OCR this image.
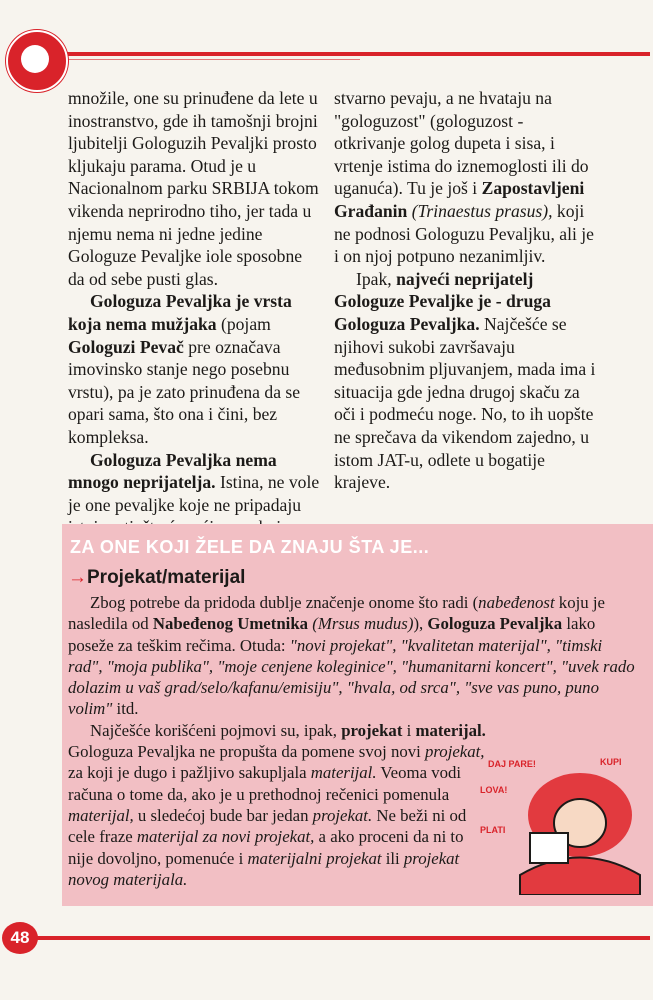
množile, one su prinuđene da lete u inostranstvo, gde ih tamošnji brojni ljubitelji Gologuzih Pevaljki prosto kljukaju parama. Otud je u Nacionalnom parku SRBIJA tokom vikenda neprirodno tiho, jer tada u njemu nema ni jedne jedine Gologuze Pevaljke iole sposobne da od sebe pusti glas.

Gologuza Pevaljka je vrsta koja nema mužjaka (pojam Gologuzi Pevač pre označava imovinsko stanje nego posebnu vrstu), pa je zato prinuđena da se opari sama, što ona i čini, bez kompleksa.

Gologuza Pevaljka nema mnogo neprijatelja. Istina, ne vole je one pevaljke koje ne pripadaju

stvarno pevaju, a ne hvataju na "gologuzost" (gologuzost - otkrivanje golog dupeta i sisa, i vrtenje istima do iznemoglosti ili do uganuća). Tu je još i Zapostavljeni Građanin (Trinaestus prasus), koji ne podnosi Gologuzu Pevaljku, ali je i on njoj potpuno nezanimljiv.

Ipak, najveći neprijatelj Gologuze Pevaljke je - druga Gologuza Pevaljka. Najčešće se njihovi sukobi završavaju međusobnim pljuvanjem, mada ima i situacija gde jedna drugoj skaču za oči i podmeću noge. No, to ih uopšte ne sprečava da vikendom zajedno, u istom JAT-u, odlete u bogatije krajeve.

ZA ONE KOJI ŽELE DA ZNAJU ŠTA JE...
→Projekat/materijal

Zbog potrebe da pridoda dublje značenje onome što radi (nabeđenost koju je nasledila od Nabeđenog Umetnika (Mrsus mudus)), Gologuza Pevaljka lako poseže za teškim rečima. Otuda: "novi projekat", "kvalitetan materijal", "timski rad", "moja publika", "moje cenjene koleginice", "humanitarni koncert", "uvek rado dolazim u vaš grad/selo/kafanu/emisiju", "hvala, od srca", "sve vas puno, puno volim" itd.

Najčešće korišćeni pojmovi su, ipak, projekat i materijal. Gologuza Pevaljka ne propušta da pomene svoj novi projekat, za koji je dugo i pažljivo sakupljala materijal. Veoma vodi računa o tome da, ako je u prethodnoj rečenici pomenula materijal, u sledećoj bude bar jedan projekat. Ne beži ni od cele fraze materijal za novi projekat, a ako proceni da ni to nije dovoljno, pomenuće i materijalni projekat ili projekat novog materijala.

DAJ PARE!	KUPI
LOVA!
PLATI
48
